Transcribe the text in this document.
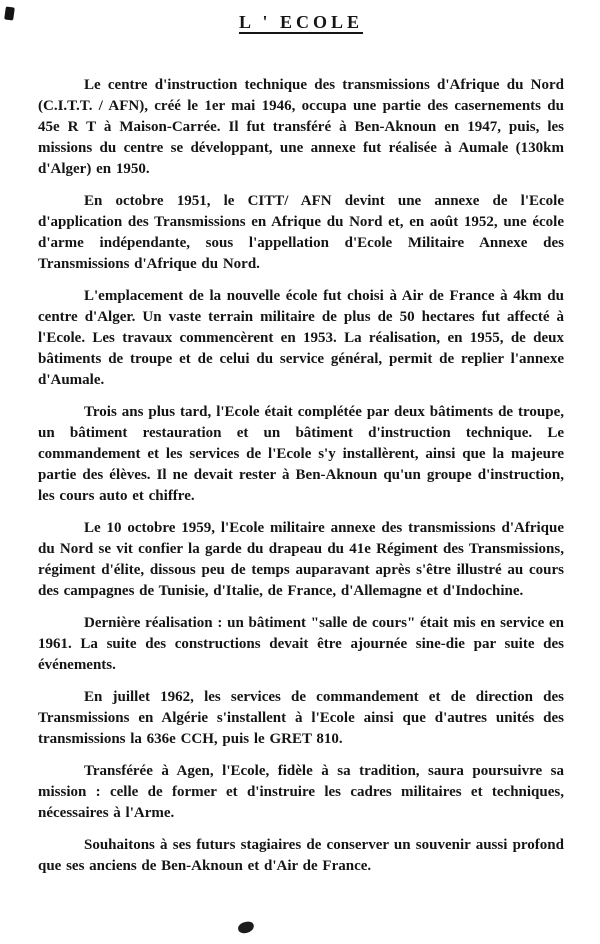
L ' ECOLE

Le centre d'instruction technique des transmissions d'Afrique du Nord (C.I.T.T. / AFN), créé le 1er mai 1946, occupa une partie des casernements du 45e R T à Maison-Carrée. Il fut transféré à Ben-Aknoun en 1947, puis, les missions du centre se développant, une annexe fut réalisée à Aumale (130km d'Alger) en 1950.

En octobre 1951, le CITT/ AFN devint une annexe de l'Ecole d'application des Transmissions en Afrique du Nord et, en août 1952, une école d'arme indépendante, sous l'appellation d'Ecole Militaire Annexe des Transmissions d'Afrique du Nord.

L'emplacement de la nouvelle école fut choisi à Air de France à 4km du centre d'Alger. Un vaste terrain militaire de plus de 50 hectares fut affecté à l'Ecole. Les travaux commencèrent en 1953. La réalisation, en 1955, de deux bâtiments de troupe et de celui du service général, permit de replier l'annexe d'Aumale.

Trois ans plus tard, l'Ecole était complétée par deux bâtiments de troupe, un bâtiment restauration et un bâtiment d'instruction technique. Le commandement et les services de l'Ecole s'y installèrent, ainsi que la majeure partie des élèves. Il ne devait rester à Ben-Aknoun qu'un groupe d'instruction, les cours auto et chiffre.

Le 10 octobre 1959, l'Ecole militaire annexe des transmissions d'Afrique du Nord se vit confier la garde du drapeau du 41e Régiment des Transmissions, régiment d'élite, dissous peu de temps auparavant après s'être illustré au cours des campagnes de Tunisie, d'Italie, de France, d'Allemagne et d'Indochine.

Dernière réalisation : un bâtiment "salle de cours" était mis en service en 1961. La suite des constructions devait être ajournée sine-die par suite des événements.

En juillet 1962, les services de commandement et de direction des Transmissions en Algérie s'installent à l'Ecole ainsi que d'autres unités des transmissions la 636e CCH, puis le GRET 810.

Transférée à Agen, l'Ecole, fidèle à sa tradition, saura poursuivre sa mission : celle de former et d'instruire les cadres militaires et techniques, nécessaires à l'Arme.

Souhaitons à ses futurs stagiaires de conserver un souvenir aussi profond que ses anciens de Ben-Aknoun et d'Air de France.
